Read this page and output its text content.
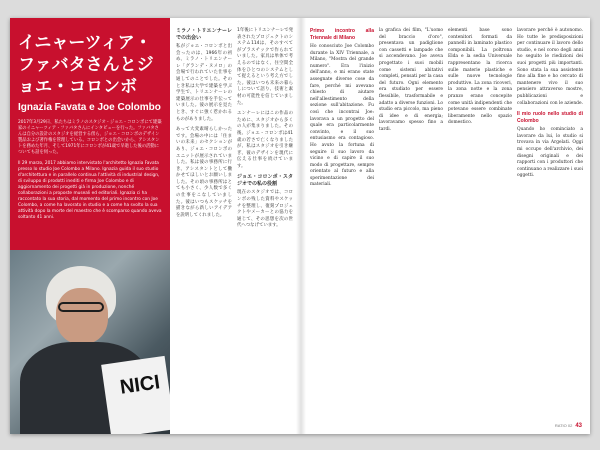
イニャーツィア・ファバタさんとジョエ・コロンボ
Ignazia Favata e Joe Colombo

2017年3月29日、私たちはミラノのスタジオ・ジョエ・コロンボにて建築家のイニャーツィア・ファバタさんにインタビューを行った。ファバタさんは自分の設計のスタジオを経営する傍ら、ジョエ・コロンボのデザイン製品および著作権を管理している。コロンボとの出会いから、アシスタントを務めた年月、そして1971年にコロンボが41歳で早逝した後の活動についても話を伺った。

Il 29 marzo, 2017 abbiamo intervistato l'architetto Ignazia Favata presso lo studio Joe Colombo a Milano. Ignazia guida il suo studio d'architettura e in parallelo continua l'attività di industrial design, di sviluppo di prodotti inediti e firma Joe Colombo e di aggiornamento dei progetti già in produzione, nonché collaborazioni a proposte museali ed editoriali. Ignazia ci ha raccontato la sua storia, dal momento del primo incontro con Joe Colombo, a come ha lavorato in studio e a come ha svolto la sua attività dopo la morte del maestro che è scomparso quando aveva soltanto 41 anni.

NICI
ミラノ・トリエンナーレでの出会い

私がジョエ・コロンボと出会ったのは、1966年の初め、ミラノ・トリエンナーレ「グランデ・ヌメロ」の会場で行われていた仕事を通してのことでした。そのとき私は大学で建築を学ぶ学生で、トリエンナーレの建築展示の仕事を手伝っていました。彼の展示を見たとき、すぐに強く惹かれるものがありました。

あって大変素晴らしかったです。会場の中には「住まいの未来」のセクションがあり、ジョエ・コロンボのユニットが展示されていました。私は彼の事務所に行き、アシスタントとして働かせてほしいとお願いしました。その頃の事務所はとても小さく、少人数で多くの仕事をこなしていました。彼はいつもスケッチを描きながら新しいアイデアを説明してくれました。

1年後にトリエンナーレで発表されたプロジェクトのシステム114は、そのすべてがプラスチックで作られていました。家具は単体で考えるのではなく、住空間全体をひとつのシステムとして捉えるという考え方でした。彼はいつも未来の暮らしについて語り、技術と素材の可能性を信じていました。

エンナーレにはこの作品のために、スタジオから多くの人が集まりました。その後、ジョエ・コロンボは41歳の若さで亡くなりましたが、私はスタジオを引き継ぎ、彼のデザインを現代に伝える仕事を続けています。

ジョエ・コロンボ・スタジオでの私の役割

現在のスタジオでは、コロンボの残した資料やスケッチを整理し、復刻プロジェクトやメーカーとの協力を通じて、その思想を次の世代へつなげています。

Primo incontro alla Triennale di Milano

Ho conosciuto Joe Colombo durante la XIV Triennale, a Milano, "Mostra del grande numero". Era l'inizio dell'anno, e mi erano state assegnate diverse cose da fare, perché mi avevano chiesto di aiutare nell'allestimento della sezione sull'abitazione. Fu così che incontrai Joe: lavorava a un progetto del quale era particolarmente convinto, e il suo entusiasmo era contagioso. Ho avuto la fortuna di seguire il suo lavoro da vicino e di capire il suo modo di progettare, sempre orientato al futuro e alla sperimentazione dei materiali.

la grafica dei film, "L'uomo del braccio d'oro", presentava un padiglione con cassetti e lampade che si accendevano. Joe aveva progettato i suoi mobili come sistemi abitativi completi, pensati per la casa del futuro. Ogni elemento era studiato per essere flessibile, trasformabile e adatto a diverse funzioni. Lo studio era piccolo, ma pieno di idee e di energia; lavoravamo spesso fino a tardi.

elementi base sono contenitori formati da pannelli in laminato plastico componibili. La poltrona Elda e la sedia Universale rappresentano la ricerca sulle materie plastiche e sulle nuove tecnologie produttive. La zona ricoveri, la zona notte e la zona pranzo erano concepite come unità indipendenti che potevano essere combinate liberamente nello spazio domestico.

lavorare perché è autonomo. Ho tutte le predisposizioni per continuare il lavoro dello studio, e nel corso degli anni ho seguito le riedizioni dei suoi progetti più importanti. Sono stata la sua assistente fino alla fine e ho cercato di mantenere vivo il suo pensiero attraverso mostre, pubblicazioni e collaborazioni con le aziende.

Il mio ruolo nello studio di Colombo

Quando ho cominciato a lavorare da lui, lo studio si trovava in via Argelati. Oggi mi occupo dell'archivio, dei disegni originali e dei rapporti con i produttori che continuano a realizzare i suoi oggetti.

RATIO 02 43
